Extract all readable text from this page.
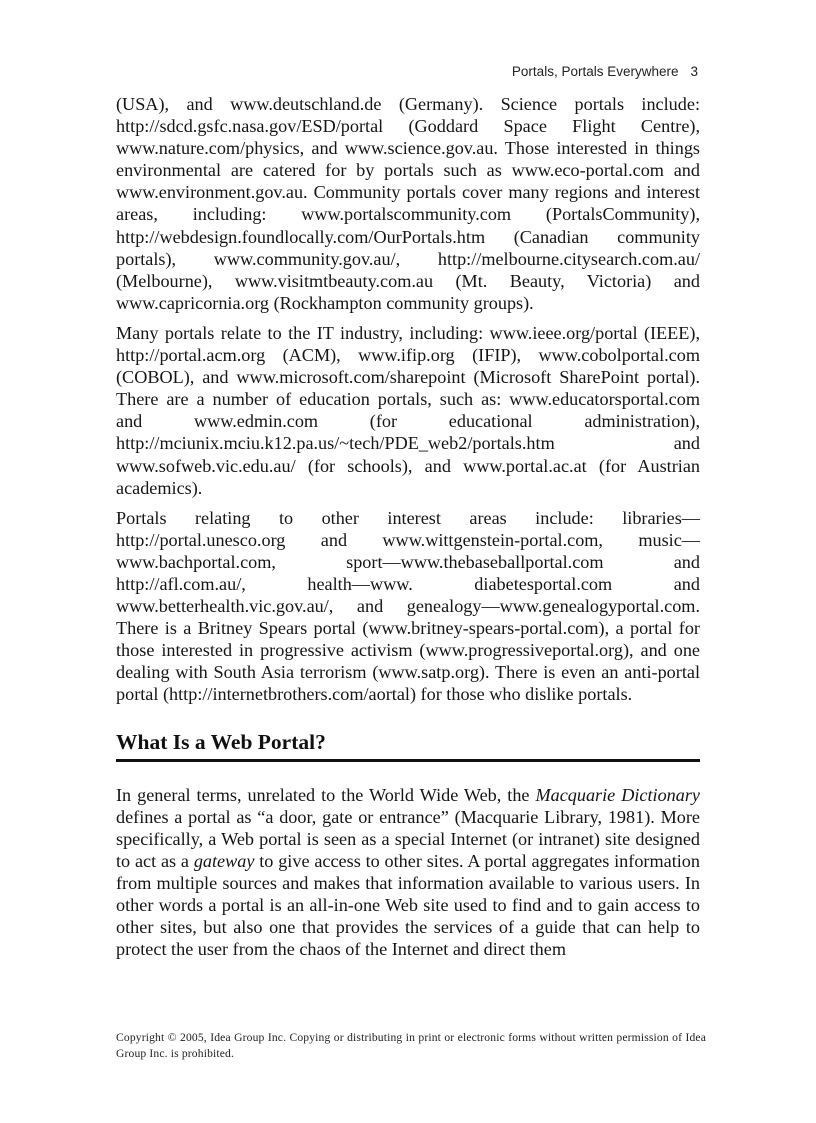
Portals, Portals Everywhere 3

(USA), and www.deutschland.de (Germany). Science portals include: http://sdcd.gsfc.nasa.gov/ESD/portal (Goddard Space Flight Centre), www.nature.com/physics, and www.science.gov.au. Those interested in things environmental are catered for by portals such as www.eco-portal.com and www.environment.gov.au. Community portals cover many regions and interest areas, including: www.portalscommunity.com (PortalsCommunity), http://webdesign.foundlocally.com/OurPortals.htm (Canadian community portals), www.community.gov.au/, http://melbourne.citysearch.com.au/ (Melbourne), www.visitmtbeauty.com.au (Mt. Beauty, Victoria) and www.capricornia.org (Rockhampton community groups).

Many portals relate to the IT industry, including: www.ieee.org/portal (IEEE), http://portal.acm.org (ACM), www.ifip.org (IFIP), www.cobolportal.com (COBOL), and www.microsoft.com/sharepoint (Microsoft SharePoint portal). There are a number of education portals, such as: www.educatorsportal.com and www.edmin.com (for educational administration), http://mciunix.mciu.k12.pa.us/~tech/PDE_web2/portals.htm and www.sofweb.vic.edu.au/ (for schools), and www.portal.ac.at (for Austrian academics).

Portals relating to other interest areas include: libraries—http://portal.unesco.org and www.wittgenstein-portal.com, music—www.bachportal.com, sport—www.thebaseballportal.com and http://afl.com.au/, health—www. diabetesportal.com and www.betterhealth.vic.gov.au/, and genealogy—www.genealogyportal.com. There is a Britney Spears portal (www.britney-spears-portal.com), a portal for those interested in progressive activism (www.progressiveportal.org), and one dealing with South Asia terrorism (www.satp.org). There is even an anti-portal portal (http://internetbrothers.com/aortal) for those who dislike portals.

What Is a Web Portal?

In general terms, unrelated to the World Wide Web, the Macquarie Dictionary defines a portal as “a door, gate or entrance” (Macquarie Library, 1981). More specifically, a Web portal is seen as a special Internet (or intranet) site designed to act as a gateway to give access to other sites. A portal aggregates information from multiple sources and makes that information available to various users. In other words a portal is an all-in-one Web site used to find and to gain access to other sites, but also one that provides the services of a guide that can help to protect the user from the chaos of the Internet and direct them

Copyright © 2005, Idea Group Inc. Copying or distributing in print or electronic forms without written permission of Idea Group Inc. is prohibited.
